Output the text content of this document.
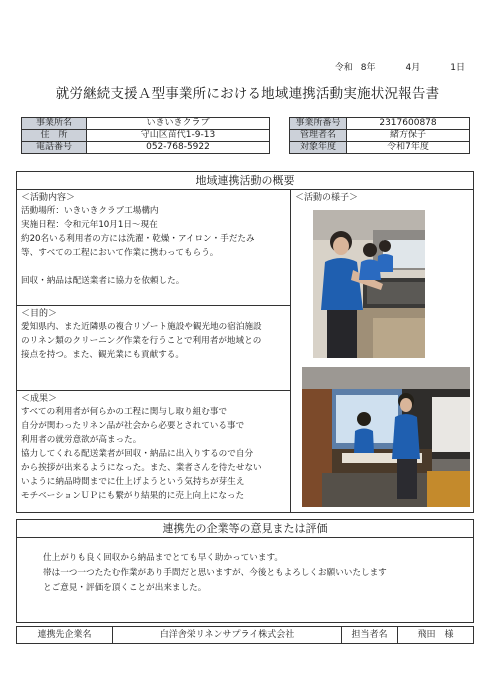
令和 8年	4月	1日
就労継続支援Ａ型事業所における地域連携活動実施状況報告書
事業所名	いきいきクラブ
住　所	守山区苗代1-9-13
電話番号	052-768-5922
事業所番号	2317600878
管理者名	緒方保子
対象年度	令和7年度
地域連携活動の概要
＜活動内容＞
活動場所：いきいきクラブ工場構内
実施日程：令和元年10月1日～現在
約20名いる利用者の方には洗濯・乾燥・アイロン・手だたみ
等、すべての工程において作業に携わってもらう。
回収・納品は配送業者に協力を依頼した。
＜目的＞
愛知県内、また近隣県の複合リゾート施設や観光地の宿泊施設
のリネン類のクリーニング作業を行うことで利用者が地域との
接点を持つ。また、観光業にも貢献する。
＜成果＞
すべての利用者が何らかの工程に関与し取り組む事で
自分が関わったリネン品が社会から必要とされている事で
利用者の就労意欲が高まった。
協力してくれる配送業者が回収・納品に出入りするので自分
から挨拶が出来るようになった。また、業者さんを待たせない
いように納品時間までに仕上げようという気持ちが芽生え
モチベーションＵＰにも繋がり結果的に売上向上になった
＜活動の様子＞
連携先の企業等の意見または評価
仕上がりも良く回収から納品までとても早く助かっています。
帯は一つ一つたたむ作業があり手間だと思いますが、今後ともよろしくお願いいたします
とご意見・評価を頂くことが出来ました。
連携先企業名	白洋舎栄リネンサプライ株式会社	担当者名	飛田　様
